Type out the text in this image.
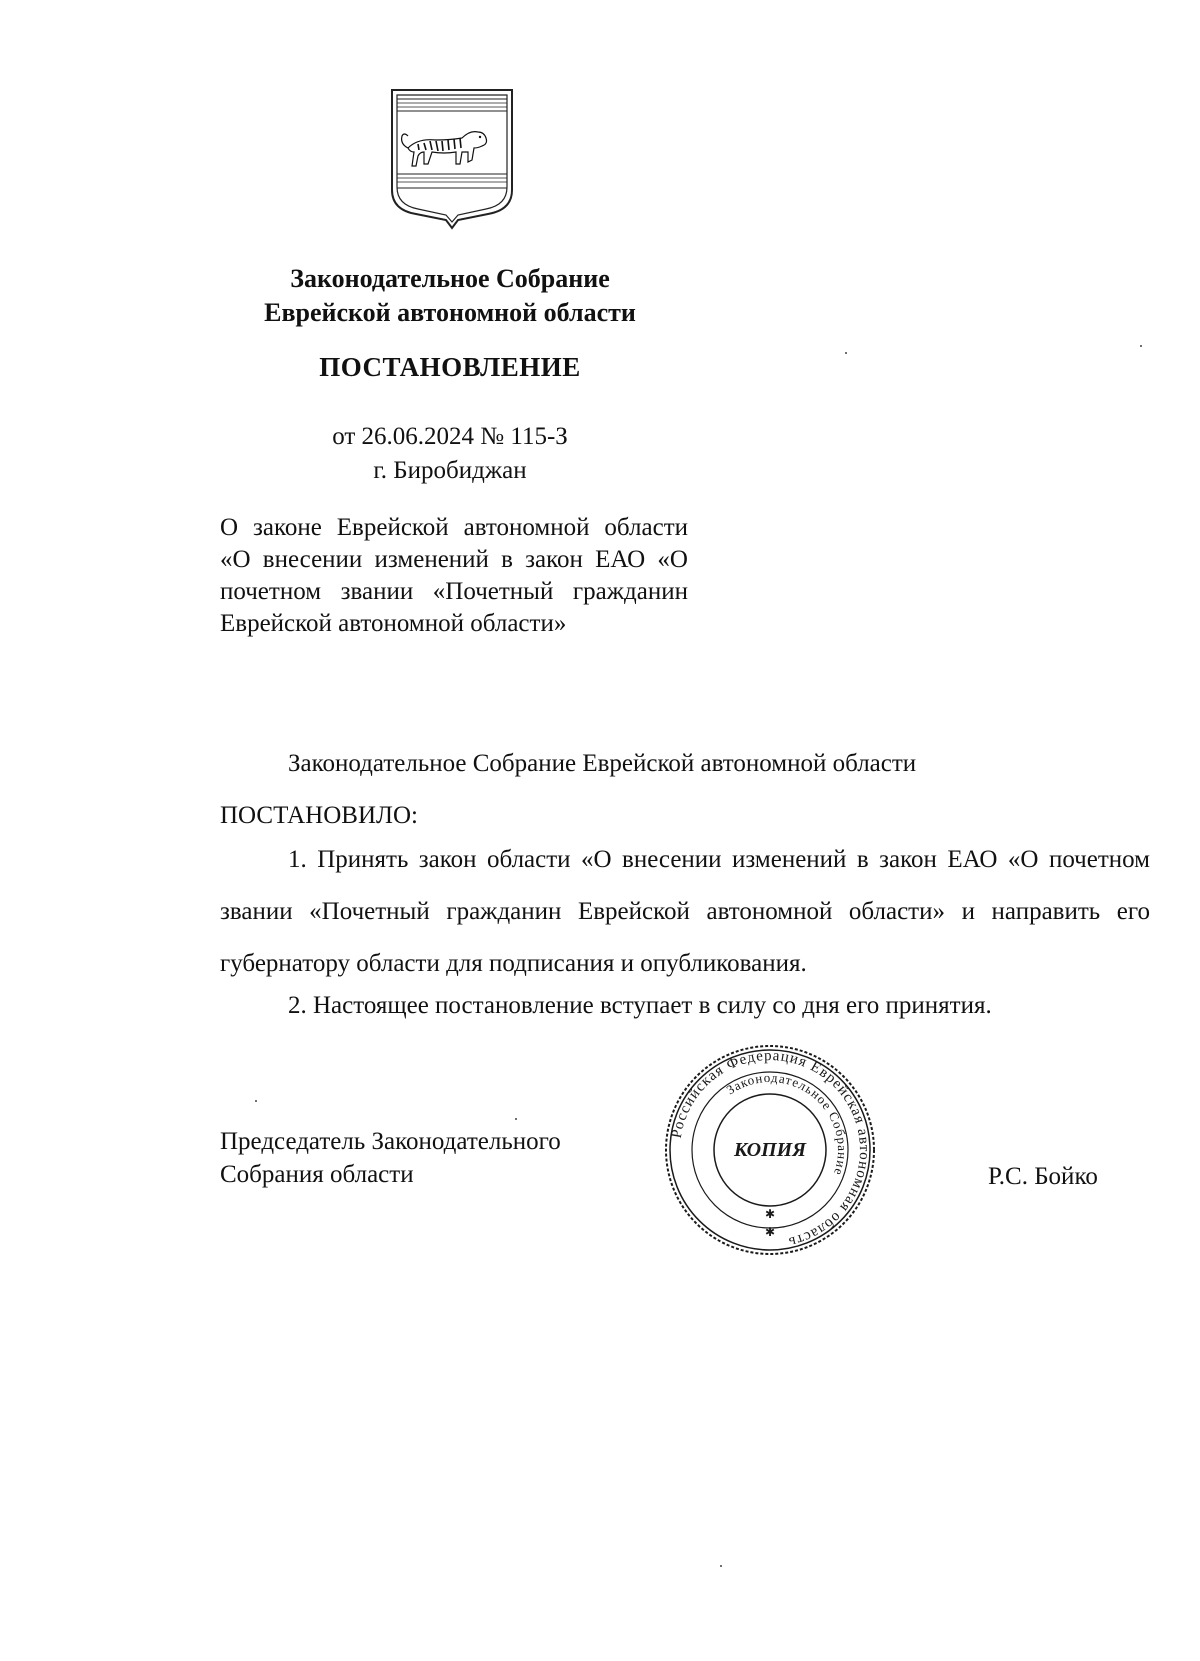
Законодательное Собрание
Еврейской автономной области
ПОСТАНОВЛЕНИЕ
от 26.06.2024 № 115-З
г. Биробиджан
О законе Еврейской автономной области «О внесении изменений в закон ЕАО «О почетном звании «Почетный гражданин Еврейской автономной области»
Законодательное Собрание Еврейской автономной области
ПОСТАНОВИЛО:
1. Принять закон области «О внесении изменений в закон ЕАО «О почетном звании «Почетный гражданин Еврейской автономной области» и направить его губернатору области для подписания и опубликования.
2. Настоящее постановление вступает в силу со дня его принятия.
Председатель Законодательного
Собрания области	Р.С. Бойко
Российская Федерация Еврейская автономная область
Законодательное Собрание
КОПИЯ
✱
✱
